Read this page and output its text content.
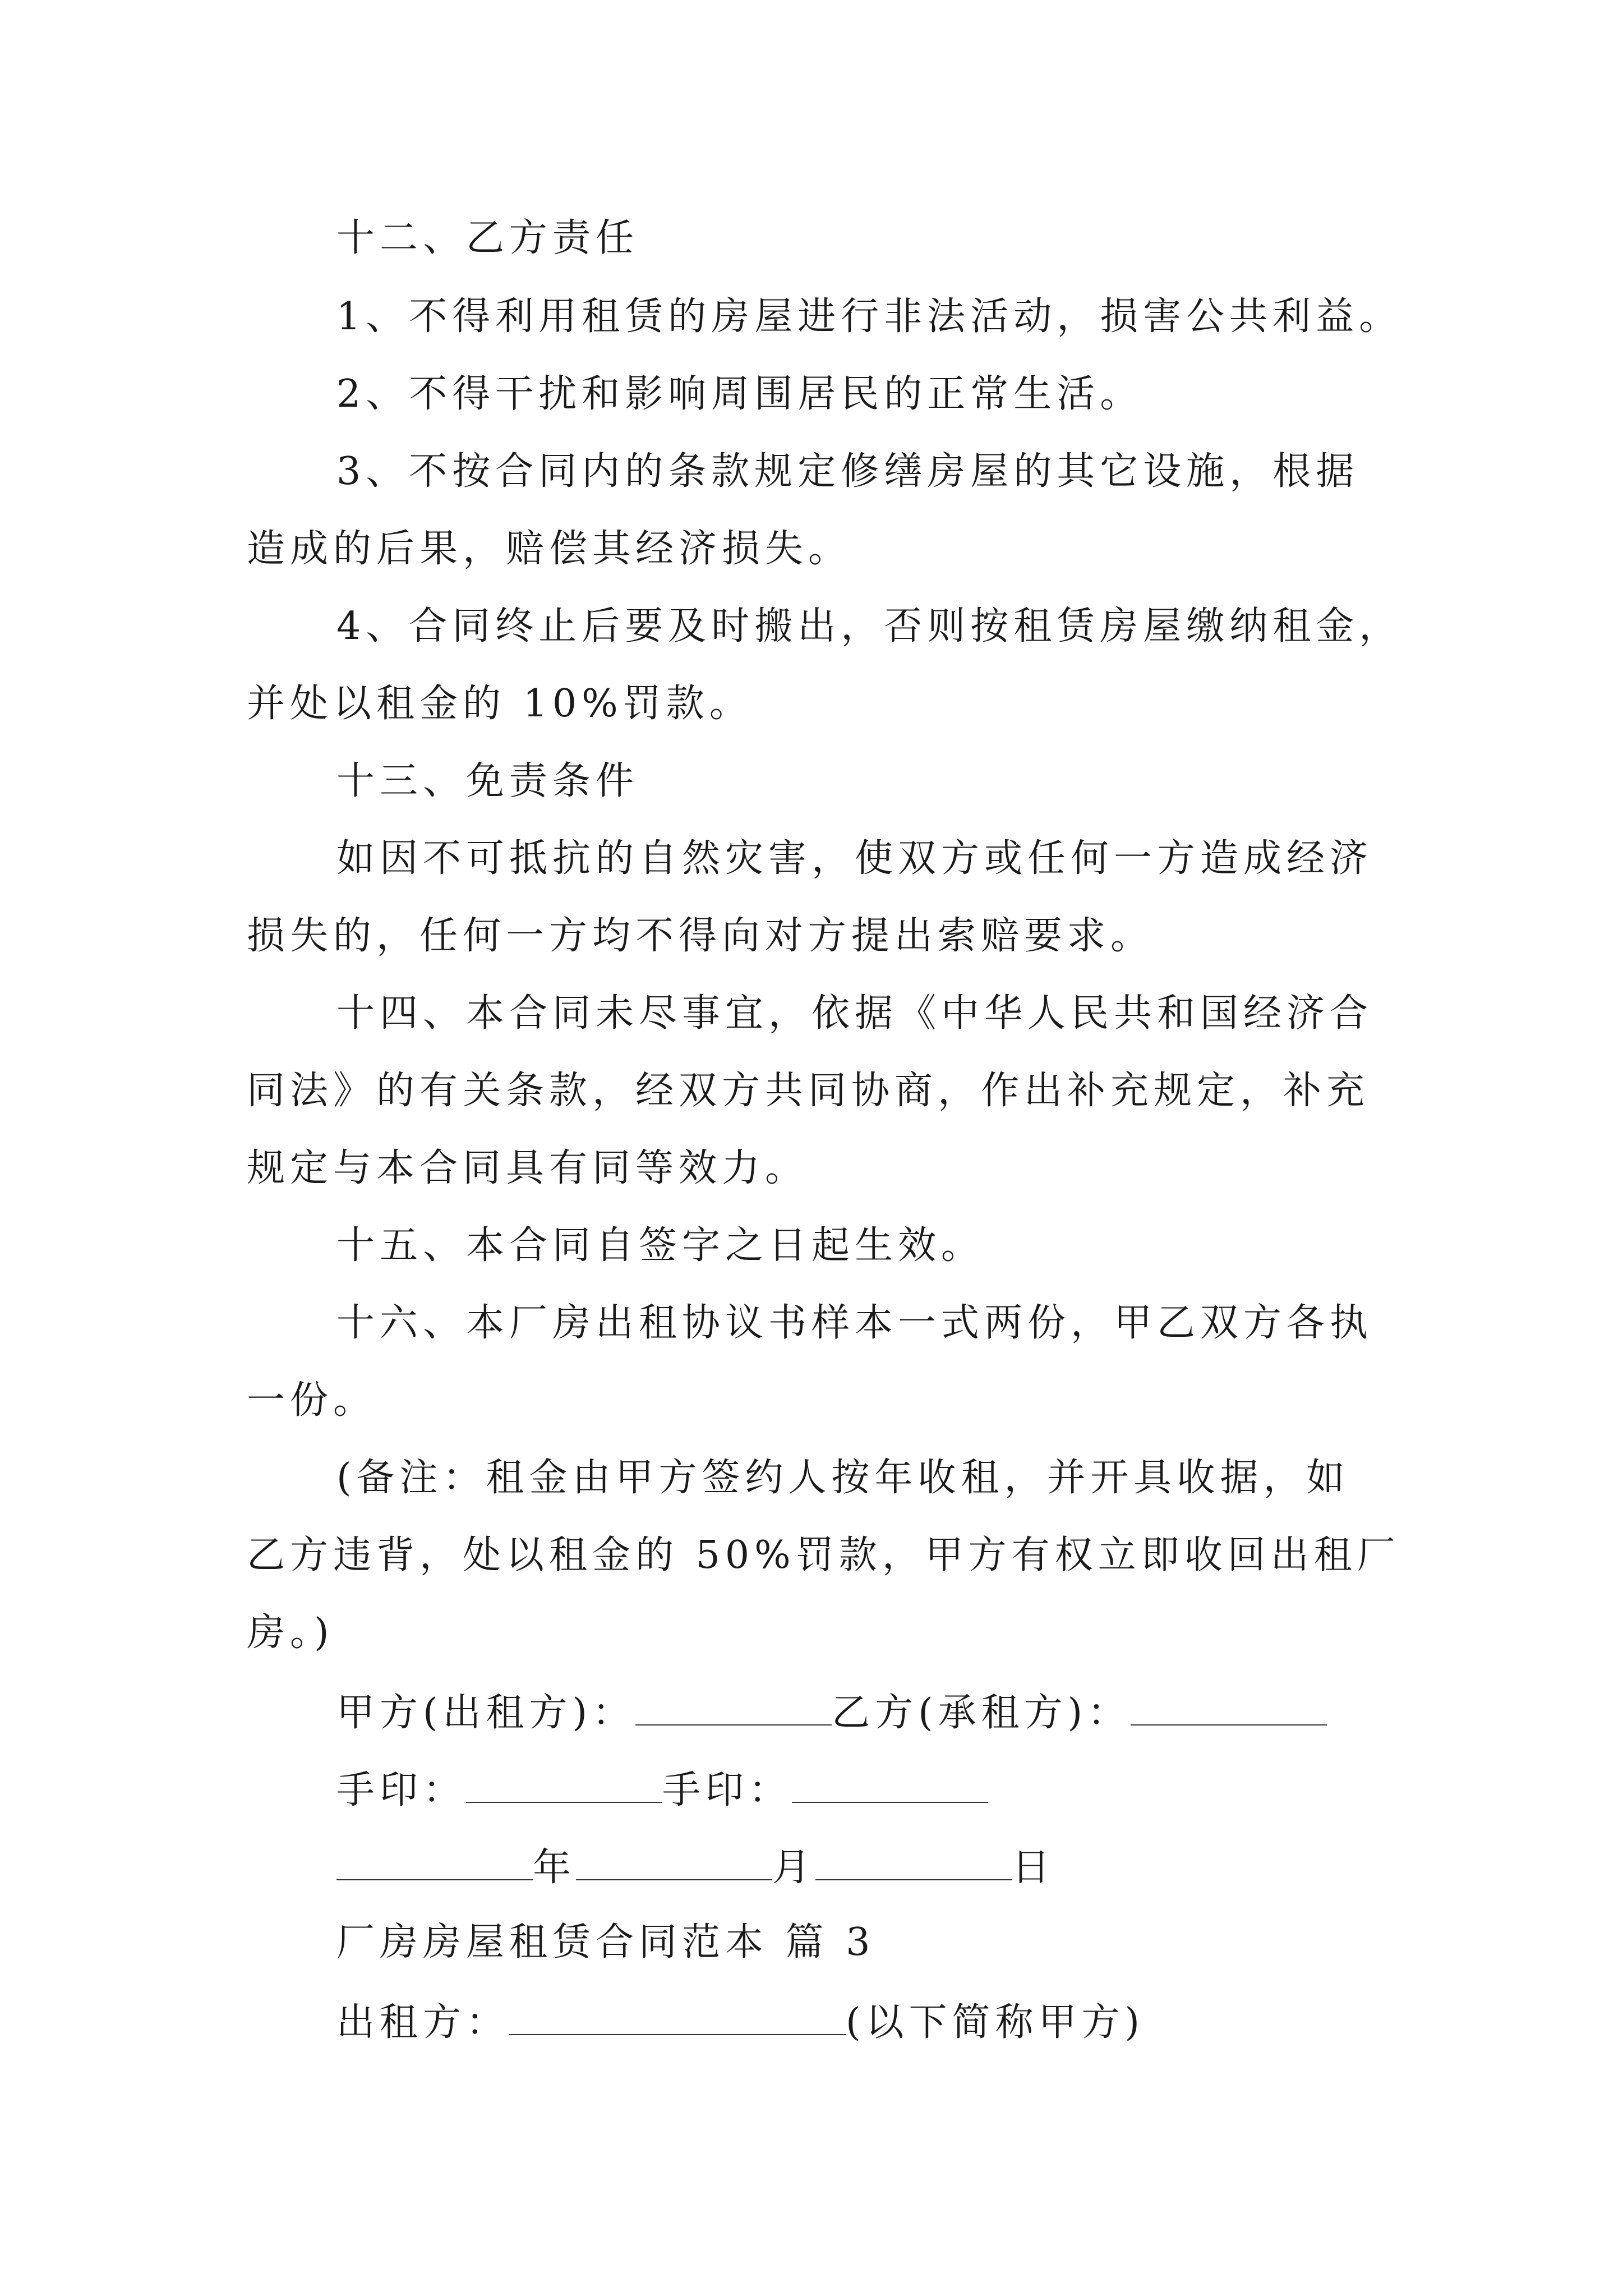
十二、乙方责任
1、不得利用租赁的房屋进行非法活动，损害公共利益。
2、不得干扰和影响周围居民的正常生活。
3、不按合同内的条款规定修缮房屋的其它设施，根据
造成的后果，赔偿其经济损失。
4、合同终止后要及时搬出，否则按租赁房屋缴纳租金，
并处以租金的 10%罚款。
十三、免责条件
如因不可抵抗的自然灾害，使双方或任何一方造成经济
损失的，任何一方均不得向对方提出索赔要求。
十四、本合同未尽事宜，依据《中华人民共和国经济合
同法》的有关条款，经双方共同协商，作出补充规定，补充
规定与本合同具有同等效力。
十五、本合同自签字之日起生效。
十六、本厂房出租协议书样本一式两份，甲乙双方各执
一份。
(备注：租金由甲方签约人按年收租，并开具收据，如
乙方违背，处以租金的 50%罚款，甲方有权立即收回出租厂
房。)
甲方(出租方)：	乙方(承租方)：
手印：	手印：
年	月	日
厂房房屋租赁合同范本 篇 3
出租方：	(以下简称甲方)
